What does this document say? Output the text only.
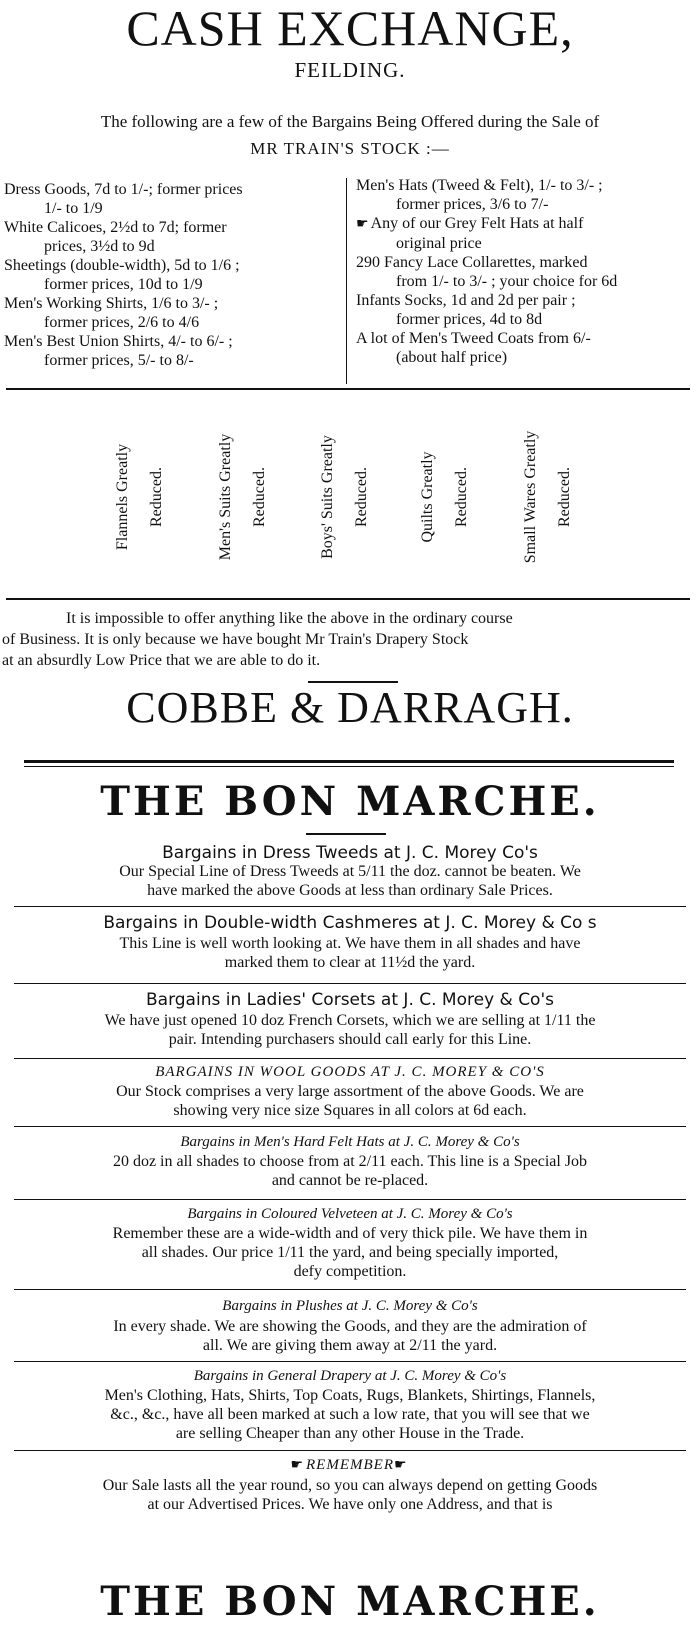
CASH EXCHANGE,
FEILDING.
The following are a few of the Bargains Being Offered during the Sale of
MR TRAIN'S STOCK :—

Dress Goods, 7d to 1/-; former prices
1/- to 1/9

White Calicoes, 2½d to 7d; former
prices, 3½d to 9d

Sheetings (double-width), 5d to 1/6 ;
former prices, 10d to 1/9

Men's Working Shirts, 1/6 to 3/- ;
former prices, 2/6 to 4/6

Men's Best Union Shirts, 4/- to 6/- ;
former prices, 5/- to 8/-

Men's Hats (Tweed & Felt), 1/- to 3/- ;
former prices, 3/6 to 7/-

☛ Any of our Grey Felt Hats at half
original price

290 Fancy Lace Collarettes, marked
from 1/- to 3/- ; your choice for 6d

Infants Socks, 1d and 2d per pair ;
former prices, 4d to 8d

A lot of Men's Tweed Coats from 6/-
(about half price)

Flannels Greatly Reduced.	Men's Suits Greatly Reduced.	Boys' Suits Greatly Reduced.	Quilts Greatly Reduced.	Small Wares Greatly Reduced.
It is impossible to offer anything like the above in the ordinary course
of Business. It is only because we have bought Mr Train's Drapery Stock
at an absurdly Low Price that we are able to do it.
COBBE & DARRAGH.
THE BON MARCHE.
Bargains in Dress Tweeds at J. C. Morey Co's
Our Special Line of Dress Tweeds at 5/11 the doz. cannot be beaten. We
have marked the above Goods at less than ordinary Sale Prices.
Bargains in Double-width Cashmeres at J. C. Morey & Co s
This Line is well worth looking at. We have them in all shades and have
marked them to clear at 11½d the yard.
Bargains in Ladies' Corsets at J. C. Morey & Co's
We have just opened 10 doz French Corsets, which we are selling at 1/11 the
pair. Intending purchasers should call early for this Line.
BARGAINS IN WOOL GOODS AT J. C. MOREY & CO'S
Our Stock comprises a very large assortment of the above Goods. We are
showing very nice size Squares in all colors at 6d each.
Bargains in Men's Hard Felt Hats at J. C. Morey & Co's
20 doz in all shades to choose from at 2/11 each. This line is a Special Job
and cannot be re-placed.
Bargains in Coloured Velveteen at J. C. Morey & Co's
Remember these are a wide-width and of very thick pile. We have them in
all shades. Our price 1/11 the yard, and being specially imported,
defy competition.
Bargains in Plushes at J. C. Morey & Co's
In every shade. We are showing the Goods, and they are the admiration of
all. We are giving them away at 2/11 the yard.
Bargains in General Drapery at J. C. Morey & Co's
Men's Clothing, Hats, Shirts, Top Coats, Rugs, Blankets, Shirtings, Flannels,
&c., &c., have all been marked at such a low rate, that you will see that we
are selling Cheaper than any other House in the Trade.
☛ REMEMBER☛
Our Sale lasts all the year round, so you can always depend on getting Goods
at our Advertised Prices. We have only one Address, and that is
THE BON MARCHE.
